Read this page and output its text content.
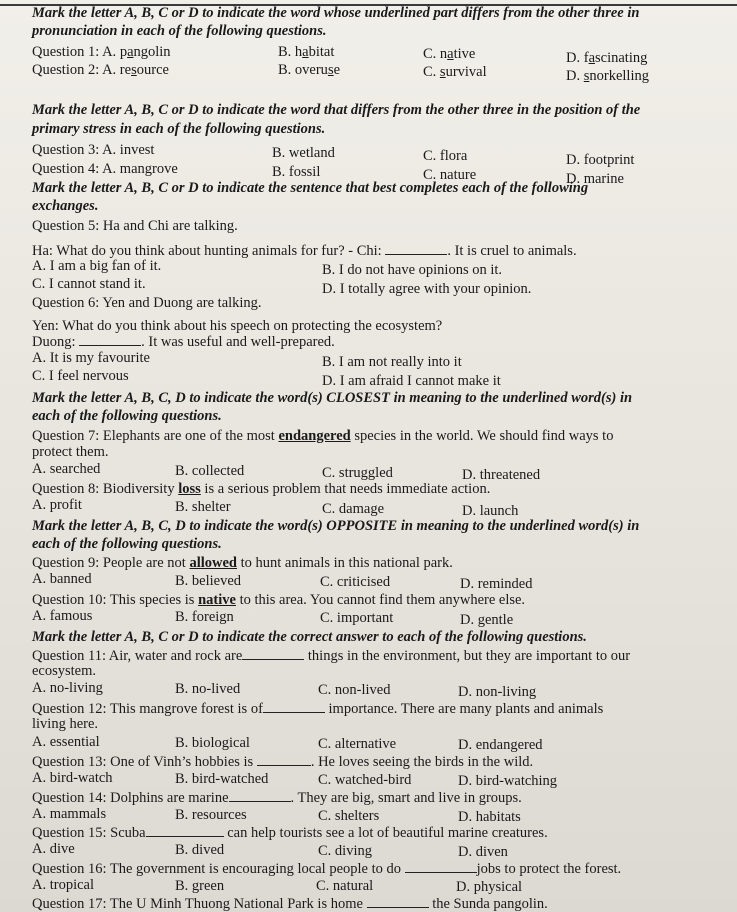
Mark the letter A, B, C or D to indicate the word whose underlined part differs from the other three in
pronunciation in each of the following questions.
Question 1: A. pangolin	B. habitat	C. native	D. fascinating
Question 2: A. resource	B. overuse	C. survival	D. snorkelling
Mark the letter A, B, C or D to indicate the word that differs from the other three in the position of the
primary stress in each of the following questions.
Question 3: A. invest	B. wetland	C. flora	D. footprint
Question 4: A. mangrove	B. fossil	C. nature	D. marine
Mark the letter A, B, C or D to indicate the sentence that best completes each of the following
exchanges.
Question 5: Ha and Chi are talking.
Ha: What do you think about hunting animals for fur? - Chi:	. It is cruel to animals.
A. I am a big fan of it.	B. I do not have opinions on it.
C. I cannot stand it.	D. I totally agree with your opinion.
Question 6: Yen and Duong are talking.
Yen: What do you think about his speech on protecting the ecosystem?
Duong:	. It was useful and well-prepared.
A. It is my favourite	B. I am not really into it
C. I feel nervous	D. I am afraid I cannot make it
Mark the letter A, B, C, D to indicate the word(s) CLOSEST in meaning to the underlined word(s) in
each of the following questions.
Question 7: Elephants are one of the most endangered species in the world. We should find ways to
protect them.
A. searched	B. collected	C. struggled	D. threatened
Question 8: Biodiversity loss is a serious problem that needs immediate action.
A. profit	B. shelter	C. damage	D. launch
Mark the letter A, B, C, D to indicate the word(s) OPPOSITE in meaning to the underlined word(s) in
each of the following questions.
Question 9: People are not allowed to hunt animals in this national park.
A. banned	B. believed	C. criticised	D. reminded
Question 10: This species is native to this area. You cannot find them anywhere else.
A. famous	B. foreign	C. important	D. gentle
Mark the letter A, B, C or D to indicate the correct answer to each of the following questions.
Question 11: Air, water and rock are	things in the environment, but they are important to our
ecosystem.
A. no-living	B. no-lived	C. non-lived	D. non-living
Question 12: This mangrove forest is of	importance. There are many plants and animals
living here.
A. essential	B. biological	C. alternative	D. endangered
Question 13: One of Vinh’s hobbies is	. He loves seeing the birds in the wild.
A. bird-watch	B. bird-watched	C. watched-bird	D. bird-watching
Question 14: Dolphins are marine	. They are big, smart and live in groups.
A. mammals	B. resources	C. shelters	D. habitats
Question 15: Scuba	can help tourists see a lot of beautiful marine creatures.
A. dive	B. dived	C. diving	D. diven
Question 16: The government is encouraging local people to do	jobs to protect the forest.
A. tropical	B. green	C. natural	D. physical
Question 17: The U Minh Thuong National Park is home	the Sunda pangolin.
